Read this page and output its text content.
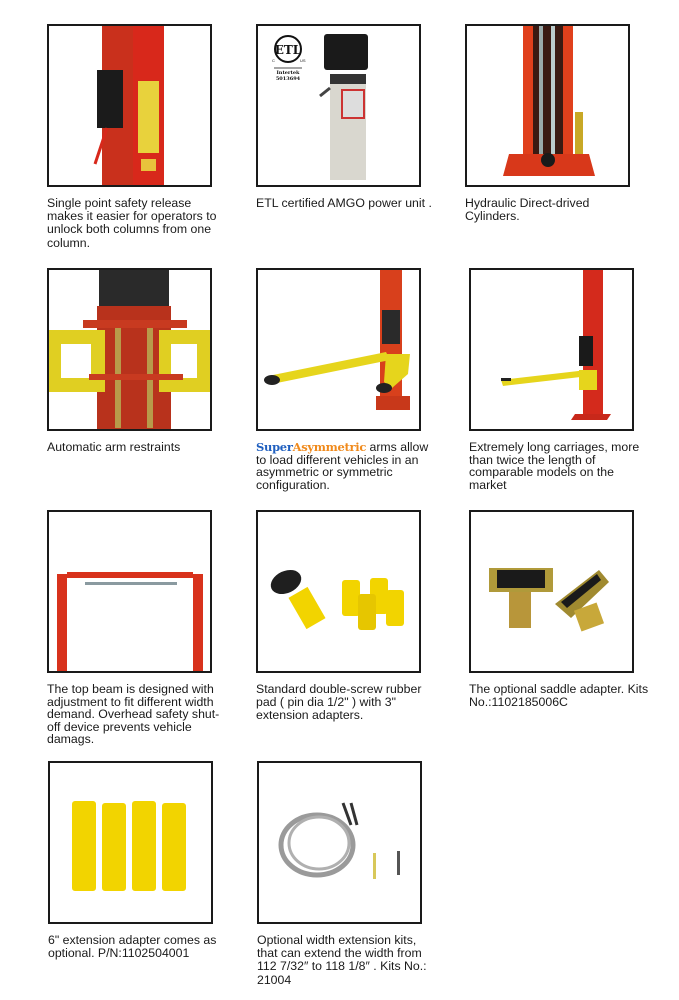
Single point safety release makes it easier for operators to unlock both columns from one column.
ETL
C	US
Intertek
5013694
ETL certified AMGO power unit .	Hydraulic Direct-drived Cylinders.
Automatic arm restraints	SuperAsymmetric arms allow to load different vehicles in an asymmetric or symmetric configuration.
Extremely long carriages, more than twice the length of comparable models on the market
The top beam is designed with adjustment to fit different width demand. Overhead safety shut-off device prevents vehicle damags.
Standard double-screw rubber pad ( pin dia 1/2" ) with 3" extension adapters.
The optional saddle adapter. Kits No.:1102185006C
6" extension adapter comes as optional. P/N:1102504001
Optional width extension kits, that can extend the width from 112 7/32″ to 118 1/8″ . Kits No.: 21004
